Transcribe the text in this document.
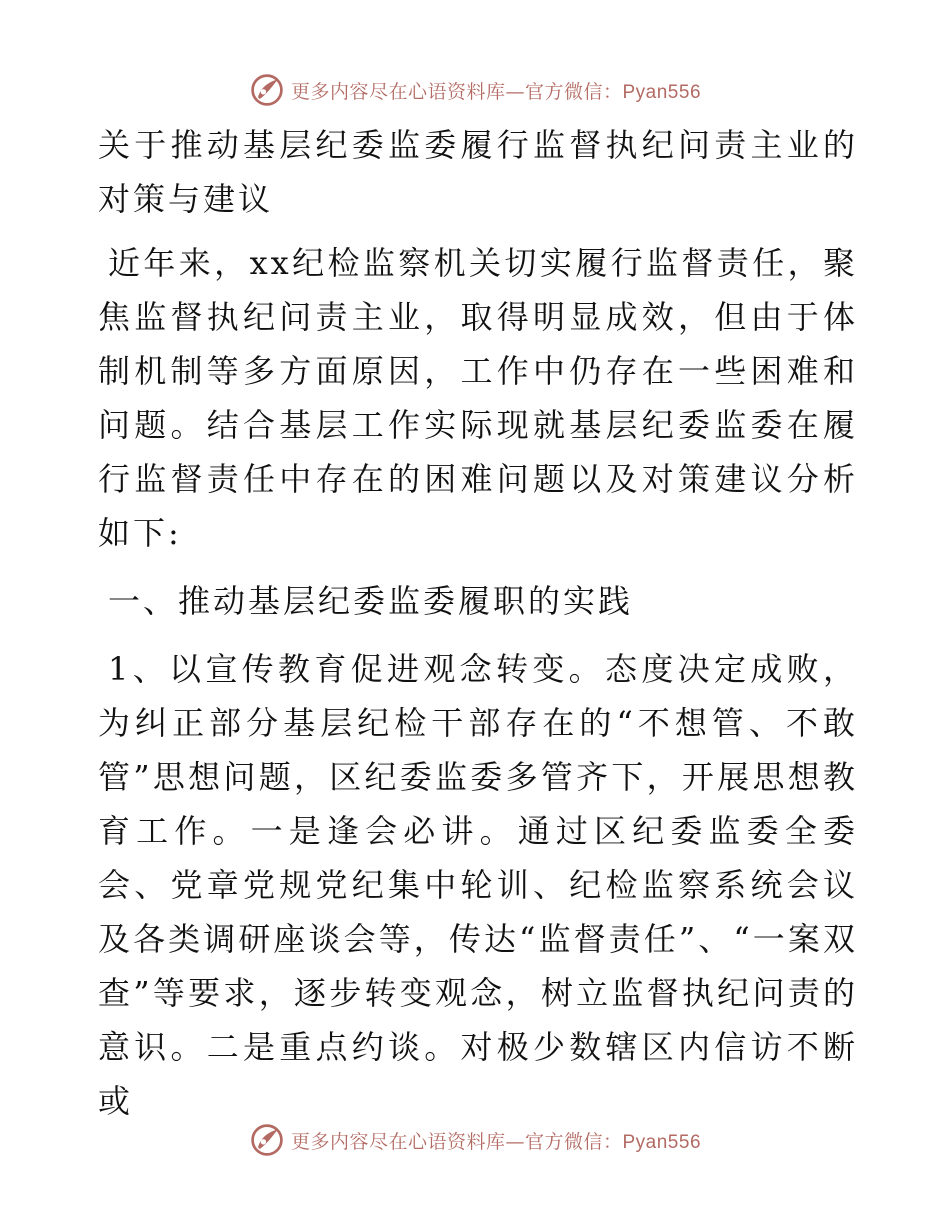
更多内容尽在心语资料库—官方微信：Pyan556

关于推动基层纪委监委履行监督执纪问责主业的对策与建议

近年来，xx纪检监察机关切实履行监督责任，聚焦监督执纪问责主业，取得明显成效，但由于体制机制等多方面原因，工作中仍存在一些困难和问题。结合基层工作实际现就基层纪委监委在履行监督责任中存在的困难问题以及对策建议分析如下:

一、推动基层纪委监委履职的实践

1、以宣传教育促进观念转变。态度决定成败，为纠正部分基层纪检干部存在的“不想管、不敢管”思想问题，区纪委监委多管齐下，开展思想教育工作。一是逢会必讲。通过区纪委监委全委会、党章党规党纪集中轮训、纪检监察系统会议及各类调研座谈会等，传达“监督责任”、“一案双查”等要求，逐步转变观念，树立监督执纪问责的意识。二是重点约谈。对极少数辖区内信访不断或

更多内容尽在心语资料库—官方微信：Pyan556
